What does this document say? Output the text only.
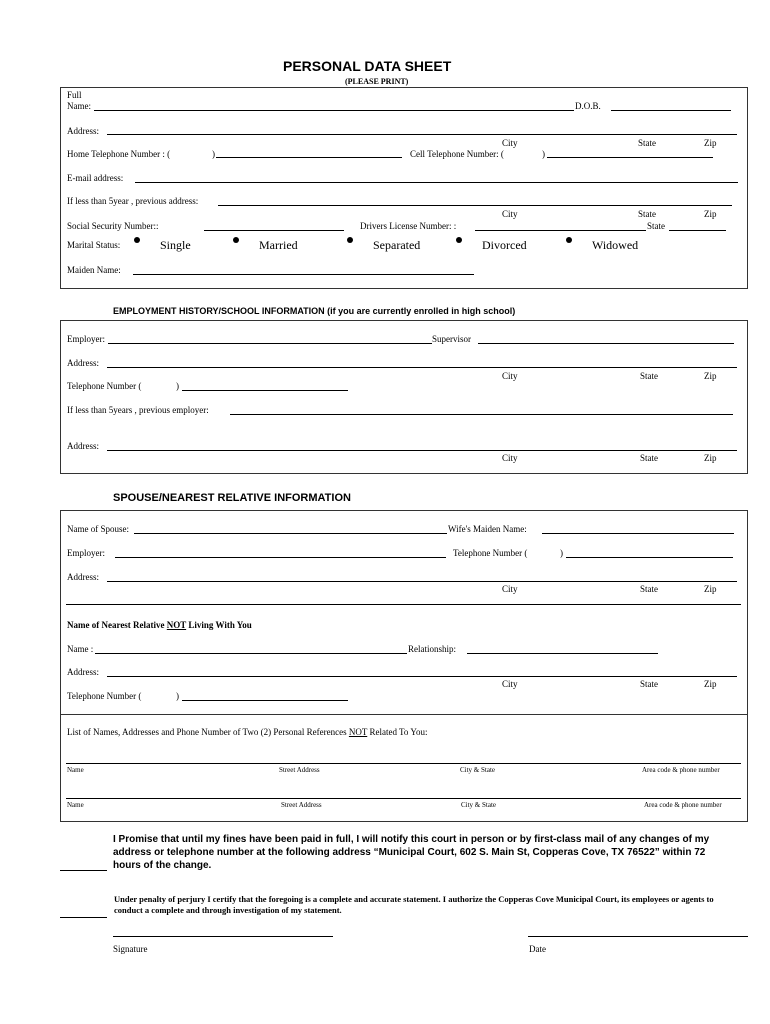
PERSONAL DATA SHEET
(PLEASE PRINT)
Full
Name:	D.O.B.
Address:
City	State	Zip
Home Telephone Number : (	)	Cell Telephone Number: (	)
E-mail address:
If less than 5year , previous address:
City	State	Zip
Social Security Number::	Drivers License Number: :	State
Marital Status:	Single	Married	Separated	Divorced	Widowed
Maiden Name:
EMPLOYMENT HISTORY/SCHOOL INFORMATION (if you are currently enrolled in high school)
Employer:	Supervisor
Address:
City	State	Zip
Telephone Number (	)
If less than 5years , previous employer:
Address:
City	State	Zip
SPOUSE/NEAREST RELATIVE INFORMATION
Name of Spouse:	Wife's Maiden Name:
Employer:	Telephone Number (	)
Address:
City	State	Zip
Name of Nearest Relative NOT Living With You
Name :	Relationship:
Address:
City	State	Zip
Telephone Number (	)
List of Names, Addresses and Phone Number of Two (2) Personal References NOT Related To You:
Name	Street Address	City & State	Area code & phone number
Name	Street Address	City & State	Area code & phone number
I Promise that until my fines have been paid in full, I will notify this court in person or by first-class mail of any changes of my address or telephone number at the following address “Municipal Court, 602 S. Main St, Copperas Cove, TX 76522” within 72 hours of the change.
Under penalty of perjury I certify that the foregoing is a complete and accurate statement. I authorize the Copperas Cove Municipal Court, its employees or agents to conduct a complete and through investigation of my statement.
Signature	Date
